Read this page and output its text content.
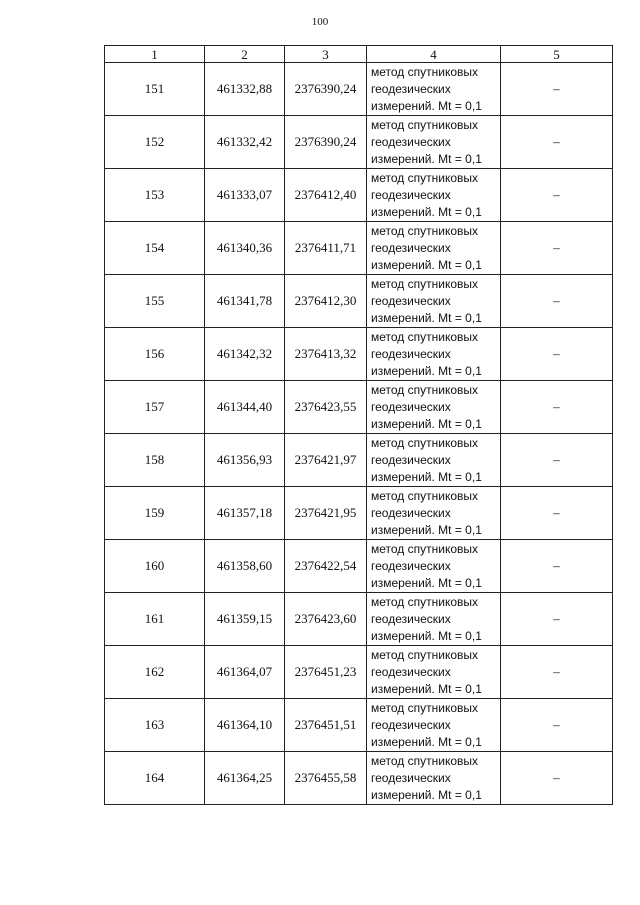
100
1	2	3	4	5
151	461332,88	2376390,24	метод спутниковых
геодезических
измерений. Mt = 0,1	–
152	461332,42	2376390,24	метод спутниковых
геодезических
измерений. Mt = 0,1	–
153	461333,07	2376412,40	метод спутниковых
геодезических
измерений. Mt = 0,1	–
154	461340,36	2376411,71	метод спутниковых
геодезических
измерений. Mt = 0,1	–
155	461341,78	2376412,30	метод спутниковых
геодезических
измерений. Mt = 0,1	–
156	461342,32	2376413,32	метод спутниковых
геодезических
измерений. Mt = 0,1	–
157	461344,40	2376423,55	метод спутниковых
геодезических
измерений. Mt = 0,1	–
158	461356,93	2376421,97	метод спутниковых
геодезических
измерений. Mt = 0,1	–
159	461357,18	2376421,95	метод спутниковых
геодезических
измерений. Mt = 0,1	–
160	461358,60	2376422,54	метод спутниковых
геодезических
измерений. Mt = 0,1	–
161	461359,15	2376423,60	метод спутниковых
геодезических
измерений. Mt = 0,1	–
162	461364,07	2376451,23	метод спутниковых
геодезических
измерений. Mt = 0,1	–
163	461364,10	2376451,51	метод спутниковых
геодезических
измерений. Mt = 0,1	–
164	461364,25	2376455,58	метод спутниковых
геодезических
измерений. Mt = 0,1	–
